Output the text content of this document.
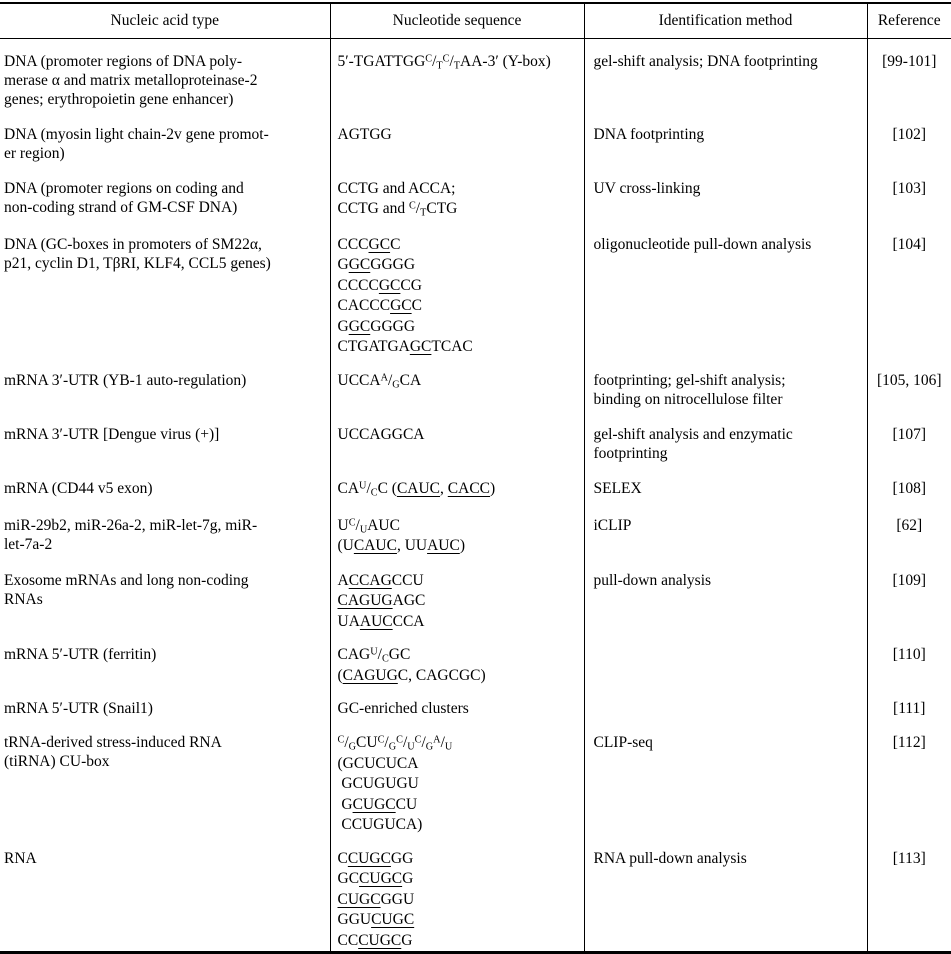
Nucleic acid type	Nucleotide sequence	Identification method	Reference
DNA (promoter regions of DNA poly-
merase α and matrix metalloproteinase-2
genes; erythropoietin gene enhancer)	$5'-TGATTGG^C/_T^C/_TAA-3'$ (Y-box)	gel-shift analysis; DNA footprinting	[99-101]
DNA (myosin light chain-2v gene promot-
er region)	AGTGG	DNA footprinting	[102]
DNA (promoter regions on coding and
non-coding strand of GM-CSF DNA)	CCTG and ACCA;
CCTG and $^C/_TCTG$	UV cross-linking	[103]
DNA (GC-boxes in promoters of SM22α,
p21, cyclin D1, TβRI, KLF4, CCL5 genes)	CCCGCC
GGCGGGG
CCCCGCCG
CACCCGCC
GGCGGGG
CTGATGAGCTCAC	oligonucleotide pull-down analysis	[104]
mRNA 3′-UTR (YB-1 auto-regulation)	$UCCA^A/_GCA$	footprinting; gel-shift analysis;
binding on nitrocellulose filter	[105, 106]
mRNA 3′-UTR [Dengue virus (+)]	UCCAGGCA	gel-shift analysis and enzymatic
footprinting	[107]
mRNA (CD44 v5 exon)	$CA^U/_CC$ (CAUC, CACC)	SELEX	[108]
miR-29b2, miR-26a-2, miR-let-7g, miR-
let-7a-2	$U^C/_UAUC$
(UCAUC, UUAUC)	iCLIP	[62]
Exosome mRNAs and long non-coding
RNAs	ACCAGCCU
CAGUGAGC
UAAUCCCA	pull-down analysis	[109]
mRNA 5′-UTR (ferritin)	$CAG^U/_CGC$
(CAGUGC, CAGCGC)		[110]
mRNA 5′-UTR (Snail1)	GC-enriched clusters		[111]
tRNA-derived stress-induced RNA
(tiRNA) CU-box	$^C/_GCU^C/_G^C/_U^C/_G^A/_U$
(GCUCUCA
GCUGUGU
GCUGCCU
CCUGUCA)	CLIP-seq	[112]
RNA	CCUGCGG
GCCUGCG
CUGCGGU
GGUCUGC
CCCUGCG	RNA pull-down analysis	[113]
